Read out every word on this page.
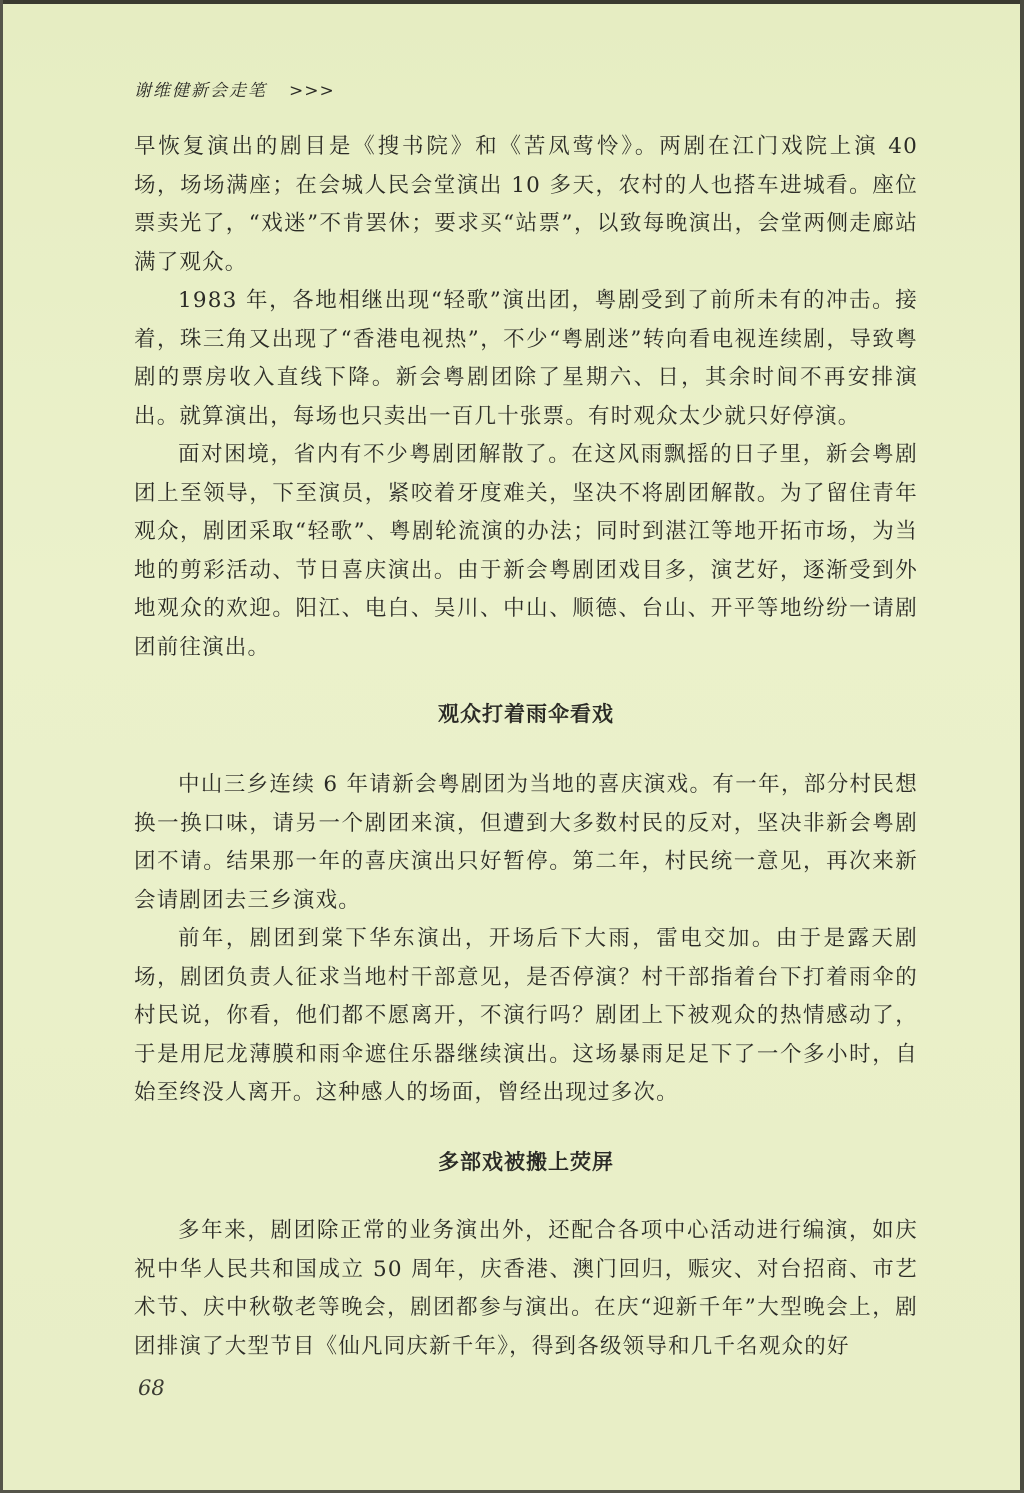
谢维健新会走笔 >>>

早恢复演出的剧目是《搜书院》和《苦凤莺怜》。两剧在江门戏院上演 40 场，场场满座；在会城人民会堂演出 10 多天，农村的人也搭车进城看。座位票卖光了，“戏迷”不肯罢休；要求买“站票”，以致每晚演出，会堂两侧走廊站满了观众。

1983 年，各地相继出现“轻歌”演出团，粤剧受到了前所未有的冲击。接着，珠三角又出现了“香港电视热”，不少“粤剧迷”转向看电视连续剧，导致粤剧的票房收入直线下降。新会粤剧团除了星期六、日，其余时间不再安排演出。就算演出，每场也只卖出一百几十张票。有时观众太少就只好停演。

面对困境，省内有不少粤剧团解散了。在这风雨飘摇的日子里，新会粤剧团上至领导，下至演员，紧咬着牙度难关，坚决不将剧团解散。为了留住青年观众，剧团采取“轻歌”、粤剧轮流演的办法；同时到湛江等地开拓市场，为当地的剪彩活动、节日喜庆演出。由于新会粤剧团戏目多，演艺好，逐渐受到外地观众的欢迎。阳江、电白、吴川、中山、顺德、台山、开平等地纷纷一请剧团前往演出。

观众打着雨伞看戏

中山三乡连续 6 年请新会粤剧团为当地的喜庆演戏。有一年，部分村民想换一换口味，请另一个剧团来演，但遭到大多数村民的反对，坚决非新会粤剧团不请。结果那一年的喜庆演出只好暂停。第二年，村民统一意见，再次来新会请剧团去三乡演戏。

前年，剧团到棠下华东演出，开场后下大雨，雷电交加。由于是露天剧场，剧团负责人征求当地村干部意见，是否停演？村干部指着台下打着雨伞的村民说，你看，他们都不愿离开，不演行吗？剧团上下被观众的热情感动了，于是用尼龙薄膜和雨伞遮住乐器继续演出。这场暴雨足足下了一个多小时，自始至终没人离开。这种感人的场面，曾经出现过多次。

多部戏被搬上荧屏

多年来，剧团除正常的业务演出外，还配合各项中心活动进行编演，如庆祝中华人民共和国成立 50 周年，庆香港、澳门回归，赈灾、对台招商、市艺术节、庆中秋敬老等晚会，剧团都参与演出。在庆“迎新千年”大型晚会上，剧团排演了大型节目《仙凡同庆新千年》，得到各级领导和几千名观众的好

68
